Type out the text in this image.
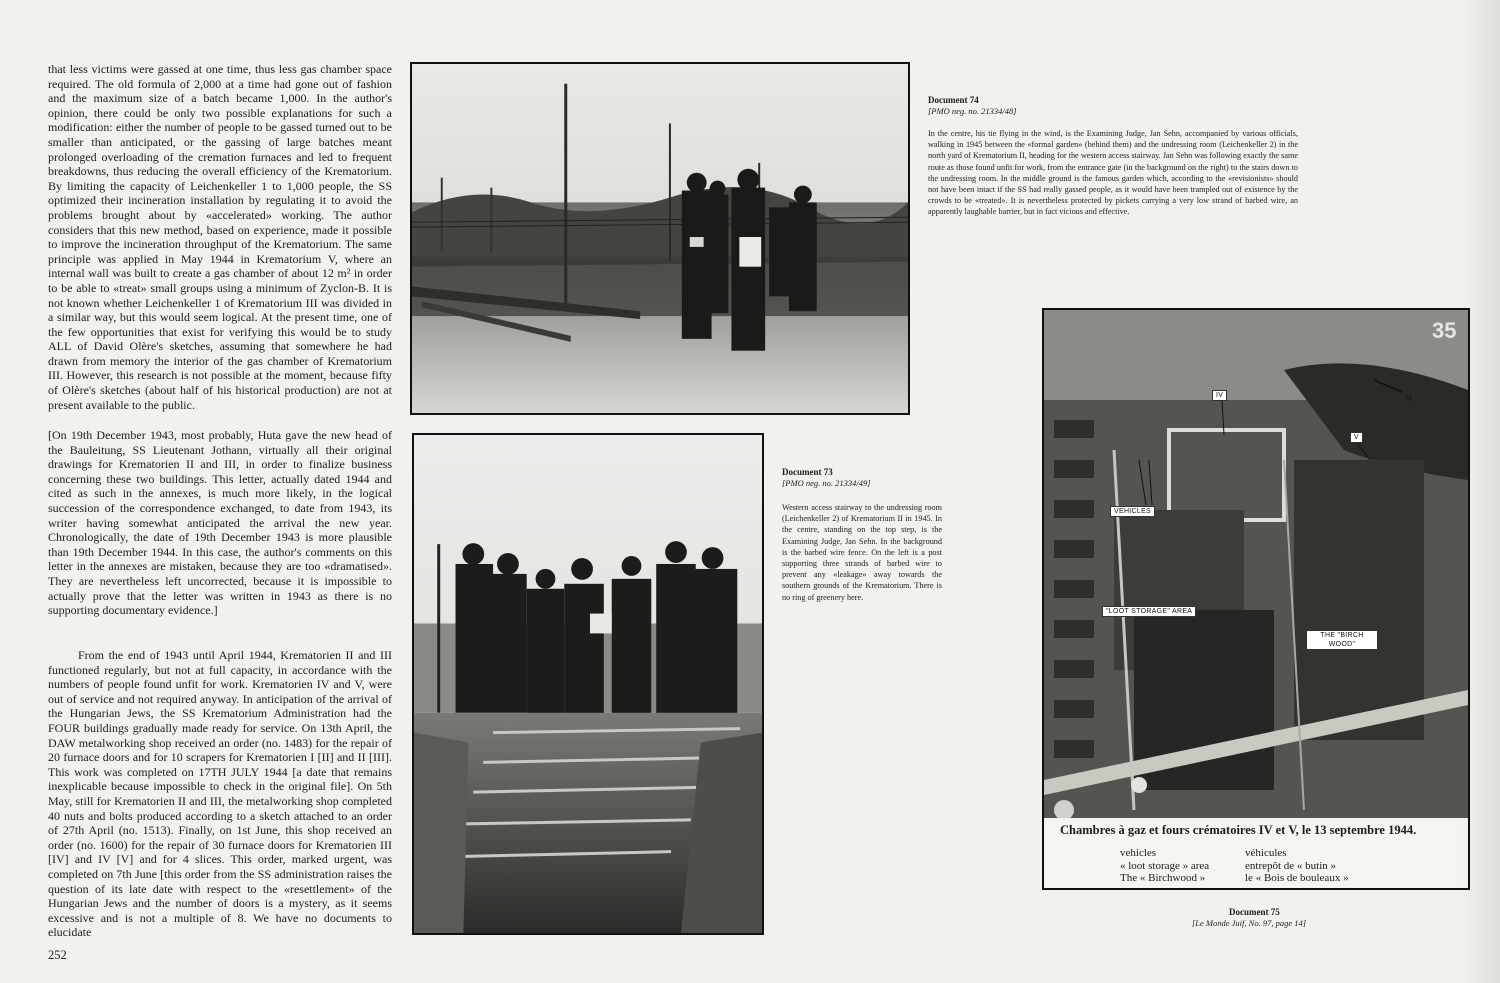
that less victims were gassed at one time, thus less gas chamber space required. The old formula of 2,000 at a time had gone out of fashion and the maximum size of a batch became 1,000. In the author's opinion, there could be only two possible explanations for such a modification: either the number of people to be gassed turned out to be smaller than anticipated, or the gassing of large batches meant prolonged overloading of the cremation furnaces and led to frequent breakdowns, thus reducing the overall efficiency of the Krematorium. By limiting the capacity of Leichenkeller 1 to 1,000 people, the SS optimized their incineration installation by regulating it to avoid the problems brought about by «accelerated» working. The author considers that this new method, based on experience, made it possible to improve the incineration throughput of the Krematorium. The same principle was applied in May 1944 in Krematorium V, where an internal wall was built to create a gas chamber of about 12 m² in order to be able to «treat» small groups using a minimum of Zyclon-B. It is not known whether Leichenkeller 1 of Krematorium III was divided in a similar way, but this would seem logical. At the present time, one of the few opportunities that exist for verifying this would be to study ALL of David Olère's sketches, assuming that somewhere he had drawn from memory the interior of the gas chamber of Krematorium III. However, this research is not possible at the moment, because fifty of Olère's sketches (about half of his historical production) are not at present available to the public.

[On 19th December 1943, most probably, Huta gave the new head of the Bauleitung, SS Lieutenant Jothann, virtually all their original drawings for Krematorien II and III, in order to finalize business concerning these two buildings. This letter, actually dated 1944 and cited as such in the annexes, is much more likely, in the logical succession of the correspondence exchanged, to date from 1943, its writer having somewhat anticipated the arrival the new year. Chronologically, the date of 19th December 1943 is more plausible than 19th December 1944. In this case, the author's comments on this letter in the annexes are mistaken, because they are too «dramatised». They are nevertheless left uncorrected, because it is impossible to actually prove that the letter was written in 1943 as there is no supporting documentary evidence.]

From the end of 1943 until April 1944, Krematorien II and III functioned regularly, but not at full capacity, in accordance with the numbers of people found unfit for work. Krematorien IV and V, were out of service and not required anyway. In anticipation of the arrival of the Hungarian Jews, the SS Krematorium Administration had the FOUR buildings gradually made ready for service. On 13th April, the DAW metalworking shop received an order (no. 1483) for the repair of 20 furnace doors and for 10 scrapers for Krematorien I [II] and II [III]. This work was completed on 17TH JULY 1944 [a date that remains inexplicable because impossible to check in the original file]. On 5th May, still for Krematorien II and III, the metalworking shop completed 40 nuts and bolts produced according to a sketch attached to an order of 27th April (no. 1513). Finally, on 1st June, this shop received an order (no. 1600) for the repair of 30 furnace doors for Krematorien III [IV] and IV [V] and for 4 slices. This order, marked urgent, was completed on 7th June [this order from the SS administration raises the question of its late date with respect to the «resettlement» of the Hungarian Jews and the number of doors is a mystery, as it seems excessive and is not a multiple of 8. We have no documents to elucidate

252

Document 74

[PMO neg. no. 21334/48]

In the centre, his tie flying in the wind, is the Examining Judge, Jan Sehn, accompanied by various officials, walking in 1945 between the «formal garden» (behind them) and the undressing room (Leichenkeller 2) in the north yard of Krematorium II, heading for the western access stairway. Jan Sehn was following exactly the same route as those found unfit for work, from the entrance gate (in the background on the right) to the stairs down to the undressing room. In the middle ground is the famous garden which, according to the «revisionists» should not have been intact if the SS had really gassed people, as it would have been trampled out of existence by the crowds to be «treated». It is nevertheless protected by pickets carrying a very low strand of barbed wire, an apparently laughable barrier, but in fact vicious and effective.

Document 73

[PMO neg. no. 21334/49]

Western access stairway to the undressing room (Leichenkeller 2) of Krematorium II in 1945. In the centre, standing on the top step, is the Examining Judge, Jan Sehn. In the background is the barbed wire fence. On the left is a post supporting three strands of barbed wire to prevent any «leakage» away towards the southern grounds of the Krematorium. There is no ring of greenery here.

IV
V
VEHICLES
"LOOT STORAGE" AREA
THE "BIRCH WOOD"
N
35

Chambres à gaz et fours crématoires IV et V, le 13 septembre 1944.

vehicles	véhicules
« loot storage » area	entrepôt de « butin »
The « Birchwood »	le « Bois de bouleaux »

Document 75

[Le Monde Juif, No. 97, page 14]
